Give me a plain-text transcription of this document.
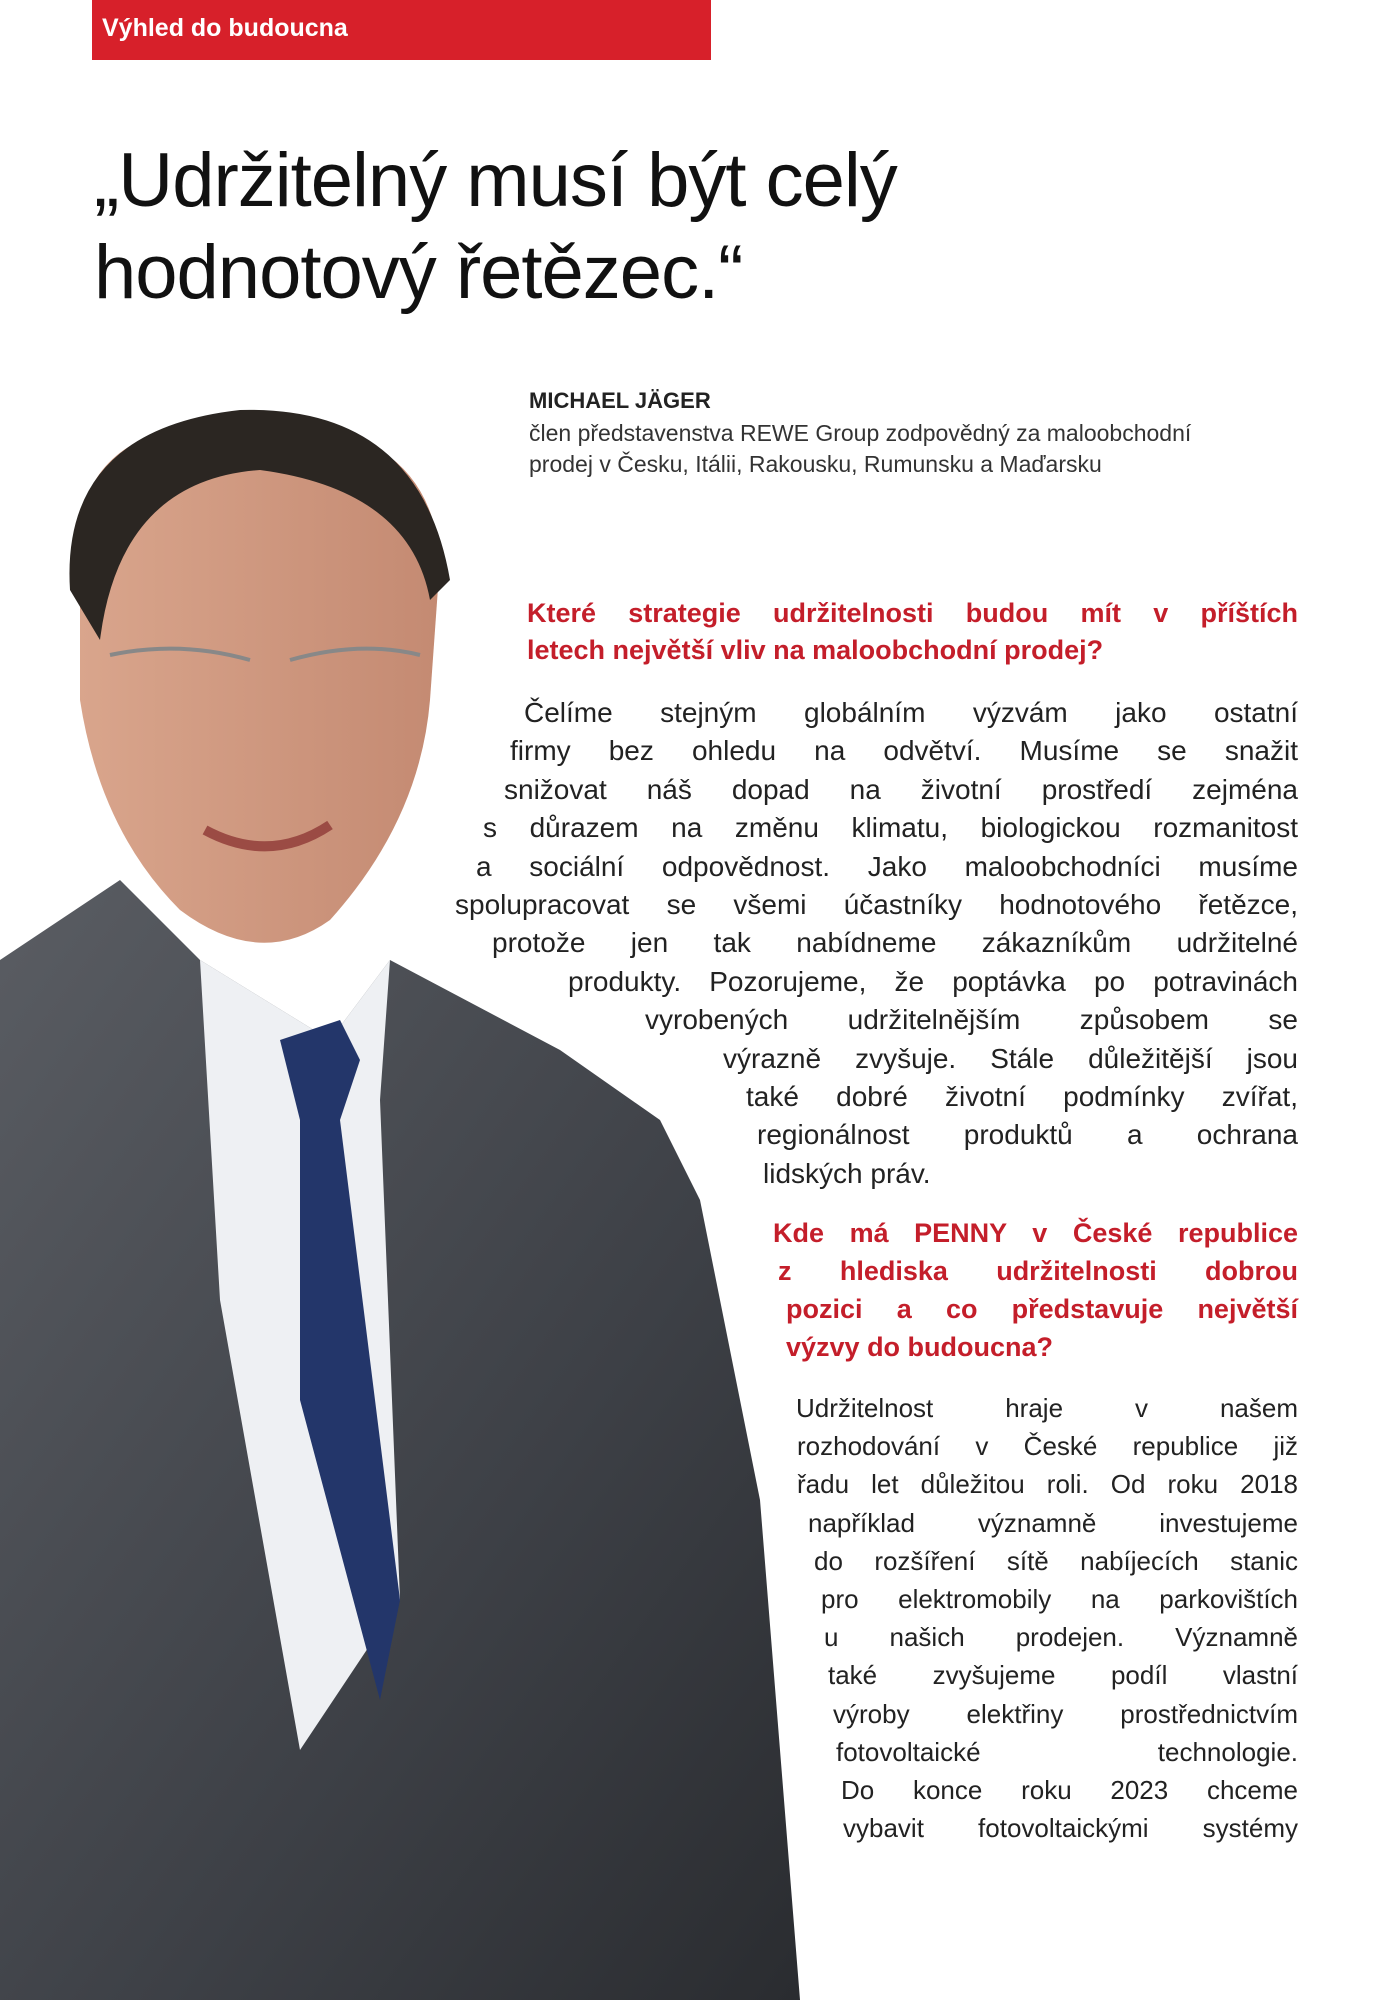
Výhled do budoucna
„Udržitelný musí být celý
hodnotový řetězec.“
MICHAEL JÄGER
člen představenstva REWE Group zodpovědný za maloobchodní
prodej v Česku, Itálii, Rakousku, Rumunsku a Maďarsku
Které strategie udržitelnosti budou mít v příštích
letech největší vliv na maloobchodní prodej?
Čelíme stejným globálním výzvám jako ostatní
firmy bez ohledu na odvětví. Musíme se snažit
snižovat náš dopad na životní prostředí zejména
s důrazem na změnu klimatu, biologickou rozmanitost
a sociální odpovědnost. Jako maloobchodníci musíme
spolupracovat se všemi účastníky hodnotového řetězce,
protože jen tak nabídneme zákazníkům udržitelné
produkty. Pozorujeme, že poptávka po potravinách
vyrobených udržitelnějším způsobem se
výrazně zvyšuje. Stále důležitější jsou
také dobré životní podmínky zvířat,
regionálnost produktů a ochrana
lidských práv.
Kde má PENNY v České republice
z hlediska udržitelnosti dobrou
pozici a co představuje největší
výzvy do budoucna?
Udržitelnost hraje v našem
rozhodování v České republice již
řadu let důležitou roli. Od roku 2018
například významně investujeme
do rozšíření sítě nabíjecích stanic
pro elektromobily na parkovištích
u našich prodejen. Významně
také zvyšujeme podíl vlastní
výroby elektřiny prostřednictvím
fotovoltaické technologie.
Do konce roku 2023 chceme
vybavit fotovoltaickými systémy
